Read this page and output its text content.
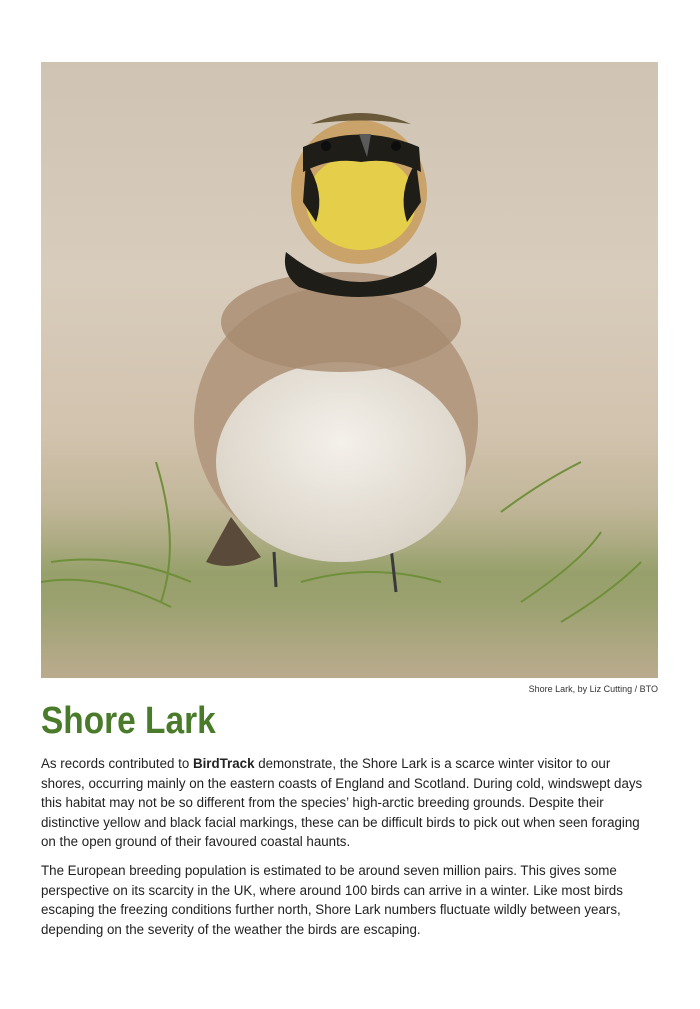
Shore Lark, by Liz Cutting / BTO
Shore Lark

As records contributed to BirdTrack demonstrate, the Shore Lark is a scarce winter visitor to our shores, occurring mainly on the eastern coasts of England and Scotland. During cold, windswept days this habitat may not be so different from the species’ high-arctic breeding grounds. Despite their distinctive yellow and black facial markings, these can be difficult birds to pick out when seen foraging on the open ground of their favoured coastal haunts.

The European breeding population is estimated to be around seven million pairs. This gives some perspective on its scarcity in the UK, where around 100 birds can arrive in a winter. Like most birds escaping the freezing conditions further north, Shore Lark numbers fluctuate wildly between years, depending on the severity of the weather the birds are escaping.
